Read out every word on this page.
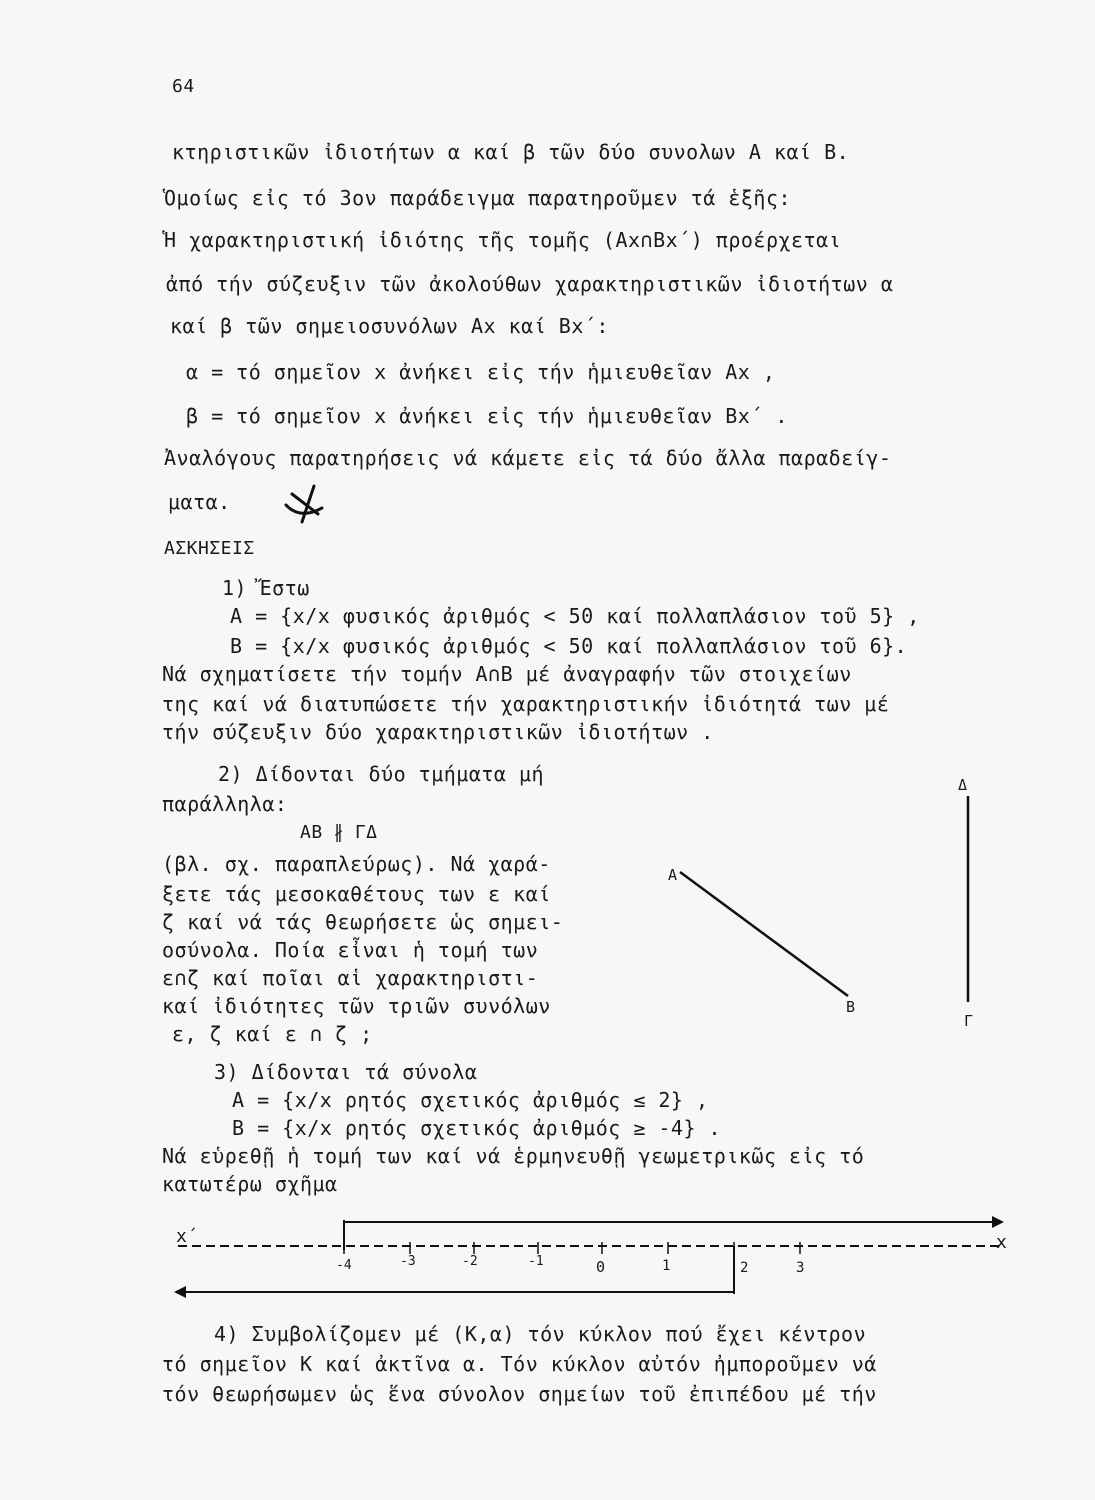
64
κτηριστικῶν ἰδιοτήτων α καί β τῶν δύο συνολων Α καί Β.
Ὁμοίως εἰς τό 3ον παράδειγμα παρατηροῦμεν τά ἑξῆς:
Ἡ χαρακτηριστική ἰδιότης τῆς τομῆς (Ax∩Bx΄) προέρχεται
ἀπό τήν σύζευξιν τῶν ἀκολούθων χαρακτηριστικῶν ἰδιοτήτων α
καί β τῶν σημειοσυνόλων Ax καί Bx΄:
α = τό σημεῖον x ἀνήκει εἰς τήν ἡμιευθεῖαν Ax ,
β = τό σημεῖον x ἀνήκει εἰς τήν ἡμιευθεῖαν Bx΄ .
Ἀναλόγους παρατηρήσεις νά κάμετε εἰς τά δύο ἄλλα παραδείγ-
ματα.
ΑΣΚΗΣΕΙΣ
1) Ἔστω
A = {x/x φυσικός ἀριθμός < 50 καί πολλαπλάσιον τοῦ 5} ,
B = {x/x φυσικός ἀριθμός < 50 καί πολλαπλάσιον τοῦ 6}.
Νά σχηματίσετε τήν τομήν A∩B μέ ἀναγραφήν τῶν στοιχείων
της καί νά διατυπώσετε τήν χαρακτηριστικήν ἰδιότητά των μέ
τήν σύζευξιν δύο χαρακτηριστικῶν ἰδιοτήτων .
2) Δίδονται δύο τμήματα μή
παράλληλα:
ΑΒ ∦ ΓΔ
(βλ. σχ. παραπλεύρως). Νά χαρά-
ξετε τάς μεσοκαθέτους των ε καί
ζ καί νά τάς θεωρήσετε ὡς σημει-
οσύνολα. Ποία εἶναι ἡ τομή των
ε∩ζ καί ποῖαι αἱ χαρακτηριστι-
καί ἰδιότητες τῶν τριῶν συνόλων
ε, ζ καί ε ∩ ζ ;
A
B
Γ
Δ
3) Δίδονται τά σύνολα
A = {x/x ρητός σχετικός ἀριθμός ≤ 2} ,
B = {x/x ρητός σχετικός ἀριθμός ≥ -4} .
Νά εὑρεθῇ ἡ τομή των καί νά ἑρμηνευθῇ γεωμετρικῶς εἰς τό
κατωτέρω σχῆμα
x΄	x
-4	-3	-2	-1	0	1	2	3
4) Συμβολίζομεν μέ (Κ,α) τόν κύκλον πού ἔχει κέντρον
τό σημεῖον Κ καί ἀκτῖνα α. Τόν κύκλον αὐτόν ἠμποροῦμεν νά
τόν θεωρήσωμεν ὡς ἕνα σύνολον σημείων τοῦ ἐπιπέδου μέ τήν
